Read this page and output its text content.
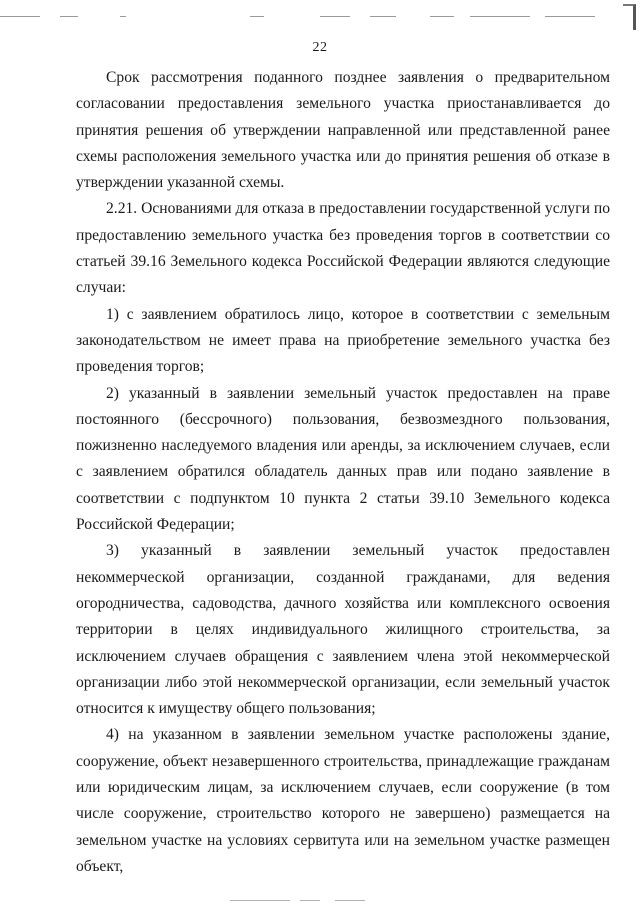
22

Срок рассмотрения поданного позднее заявления о предварительном согласовании предоставления земельного участка приостанавливается до принятия решения об утверждении направленной или представленной ранее схемы расположения земельного участка или до принятия решения об отказе в утверждении указанной схемы.

2.21. Основаниями для отказа в предоставлении государственной услуги по предоставлению земельного участка без проведения торгов в соответствии со статьей 39.16 Земельного кодекса Российской Федерации являются следующие случаи:

1) с заявлением обратилось лицо, которое в соответствии с земельным законодательством не имеет права на приобретение земельного участка без проведения торгов;

2) указанный в заявлении земельный участок предоставлен на праве постоянного (бессрочного) пользования, безвозмездного пользования, пожизненно наследуемого владения или аренды, за исключением случаев, если с заявлением обратился обладатель данных прав или подано заявление в соответствии с подпунктом 10 пункта 2 статьи 39.10 Земельного кодекса Российской Федерации;

3) указанный в заявлении земельный участок предоставлен некоммерческой организации, созданной гражданами, для ведения огородничества, садоводства, дачного хозяйства или комплексного освоения территории в целях индивидуального жилищного строительства, за исключением случаев обращения с заявлением члена этой некоммерческой организации либо этой некоммерческой организации, если земельный участок относится к имуществу общего пользования;

4) на указанном в заявлении земельном участке расположены здание, сооружение, объект незавершенного строительства, принадлежащие гражданам или юридическим лицам, за исключением случаев, если сооружение (в том числе сооружение, строительство которого не завершено) размещается на земельном участке на условиях сервитута или на земельном участке размещен объект,
